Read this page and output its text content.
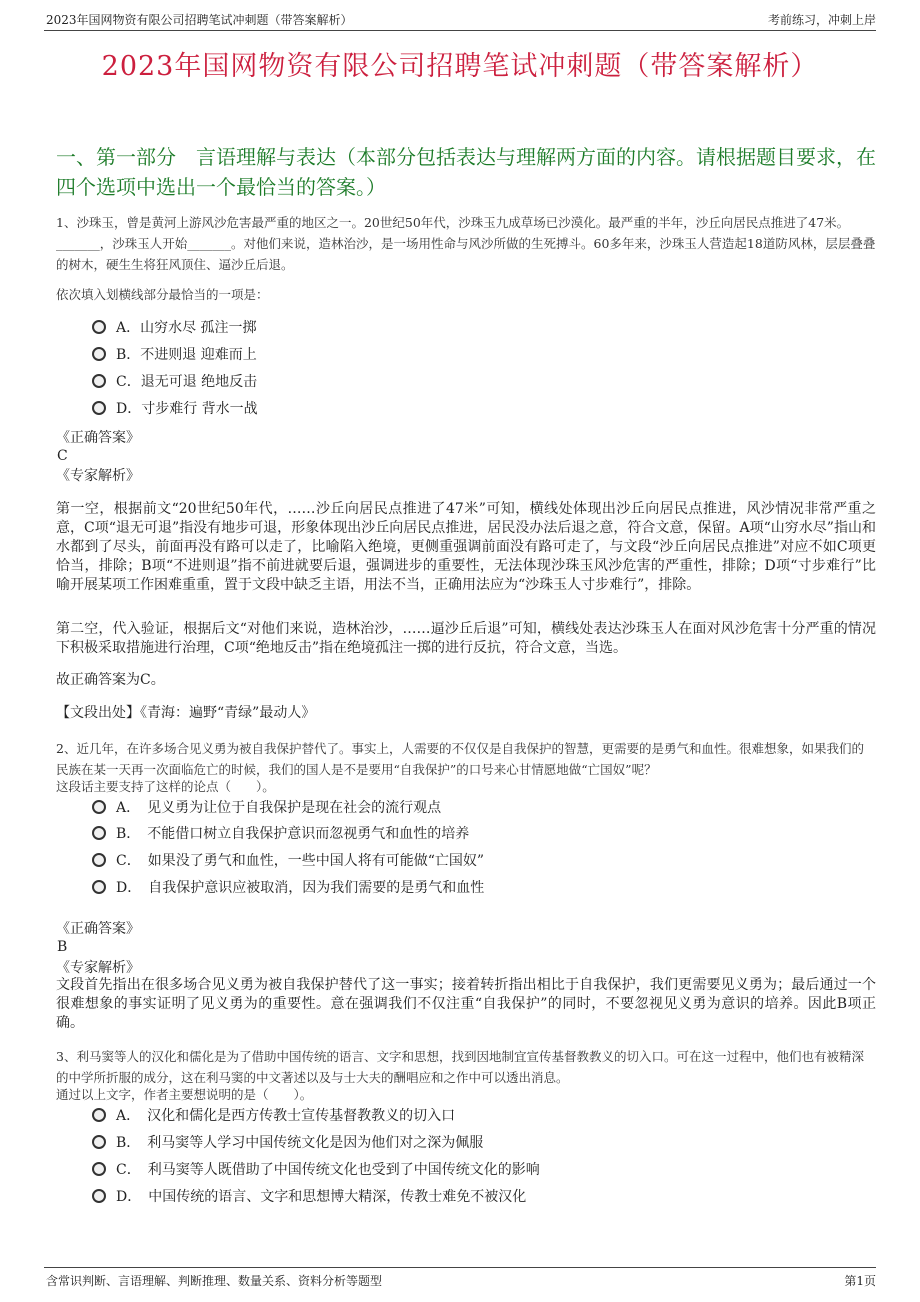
2023年国网物资有限公司招聘笔试冲刺题（带答案解析）	考前练习，冲刺上岸
2023年国网物资有限公司招聘笔试冲刺题（带答案解析）
一、第一部分　言语理解与表达（本部分包括表达与理解两方面的内容。请根据题目要求，在四个选项中选出一个最恰当的答案。）
1、沙珠玉，曾是黄河上游风沙危害最严重的地区之一。20世纪50年代，沙珠玉九成草场已沙漠化。最严重的半年，沙丘向居民点推进了47米。_______，沙珠玉人开始_______。对他们来说，造林治沙，是一场用性命与风沙所做的生死搏斗。60多年来，沙珠玉人营造起18道防风林，层层叠叠的树木，硬生生将狂风顶住、逼沙丘后退。
依次填入划横线部分最恰当的一项是：
A．山穷水尽 孤注一掷
B．不进则退 迎难而上
C．退无可退 绝地反击
D．寸步难行 背水一战
《正确答案》
C
《专家解析》
第一空，根据前文“20世纪50年代，……沙丘向居民点推进了47米”可知，横线处体现出沙丘向居民点推进，风沙情况非常严重之意，C项“退无可退”指没有地步可退，形象体现出沙丘向居民点推进，居民没办法后退之意，符合文意，保留。A项“山穷水尽”指山和水都到了尽头，前面再没有路可以走了，比喻陷入绝境，更侧重强调前面没有路可走了，与文段“沙丘向居民点推进”对应不如C项更恰当，排除；B项“不进则退”指不前进就要后退，强调进步的重要性，无法体现沙珠玉风沙危害的严重性，排除；D项“寸步难行”比喻开展某项工作困难重重，置于文段中缺乏主语，用法不当，正确用法应为“沙珠玉人寸步难行”，排除。
第二空，代入验证，根据后文“对他们来说，造林治沙，……逼沙丘后退”可知，横线处表达沙珠玉人在面对风沙危害十分严重的情况下积极采取措施进行治理，C项“绝地反击”指在绝境孤注一掷的进行反抗，符合文意，当选。
故正确答案为C。
【文段出处】《青海：遍野“青绿”最动人》
2、近几年，在许多场合见义勇为被自我保护替代了。事实上，人需要的不仅仅是自我保护的智慧，更需要的是勇气和血性。很难想象，如果我们的民族在某一天再一次面临危亡的时候，我们的国人是不是要用“自我保护”的口号来心甘情愿地做“亡国奴”呢？
这段话主要支持了这样的论点（　　）。
A．　见义勇为让位于自我保护是现在社会的流行观点
B．　不能借口树立自我保护意识而忽视勇气和血性的培养
C．　如果没了勇气和血性，一些中国人将有可能做“亡国奴”
D．　自我保护意识应被取消，因为我们需要的是勇气和血性
《正确答案》
B
《专家解析》
文段首先指出在很多场合见义勇为被自我保护替代了这一事实；接着转折指出相比于自我保护，我们更需要见义勇为；最后通过一个很难想象的事实证明了见义勇为的重要性。意在强调我们不仅注重“自我保护”的同时，不要忽视见义勇为意识的培养。因此B项正确。
3、利马窦等人的汉化和儒化是为了借助中国传统的语言、文字和思想，找到因地制宜宣传基督教教义的切入口。可在这一过程中，他们也有被精深的中学所折服的成分，这在利马窦的中文著述以及与士大夫的酬唱应和之作中可以透出消息。
通过以上文字，作者主要想说明的是（　　）。
A．　汉化和儒化是西方传教士宣传基督教教义的切入口
B．　利马窦等人学习中国传统文化是因为他们对之深为佩服
C．　利马窦等人既借助了中国传统文化也受到了中国传统文化的影响
D．　中国传统的语言、文字和思想博大精深，传教士难免不被汉化
含常识判断、言语理解、判断推理、数量关系、资料分析等题型	第1页
